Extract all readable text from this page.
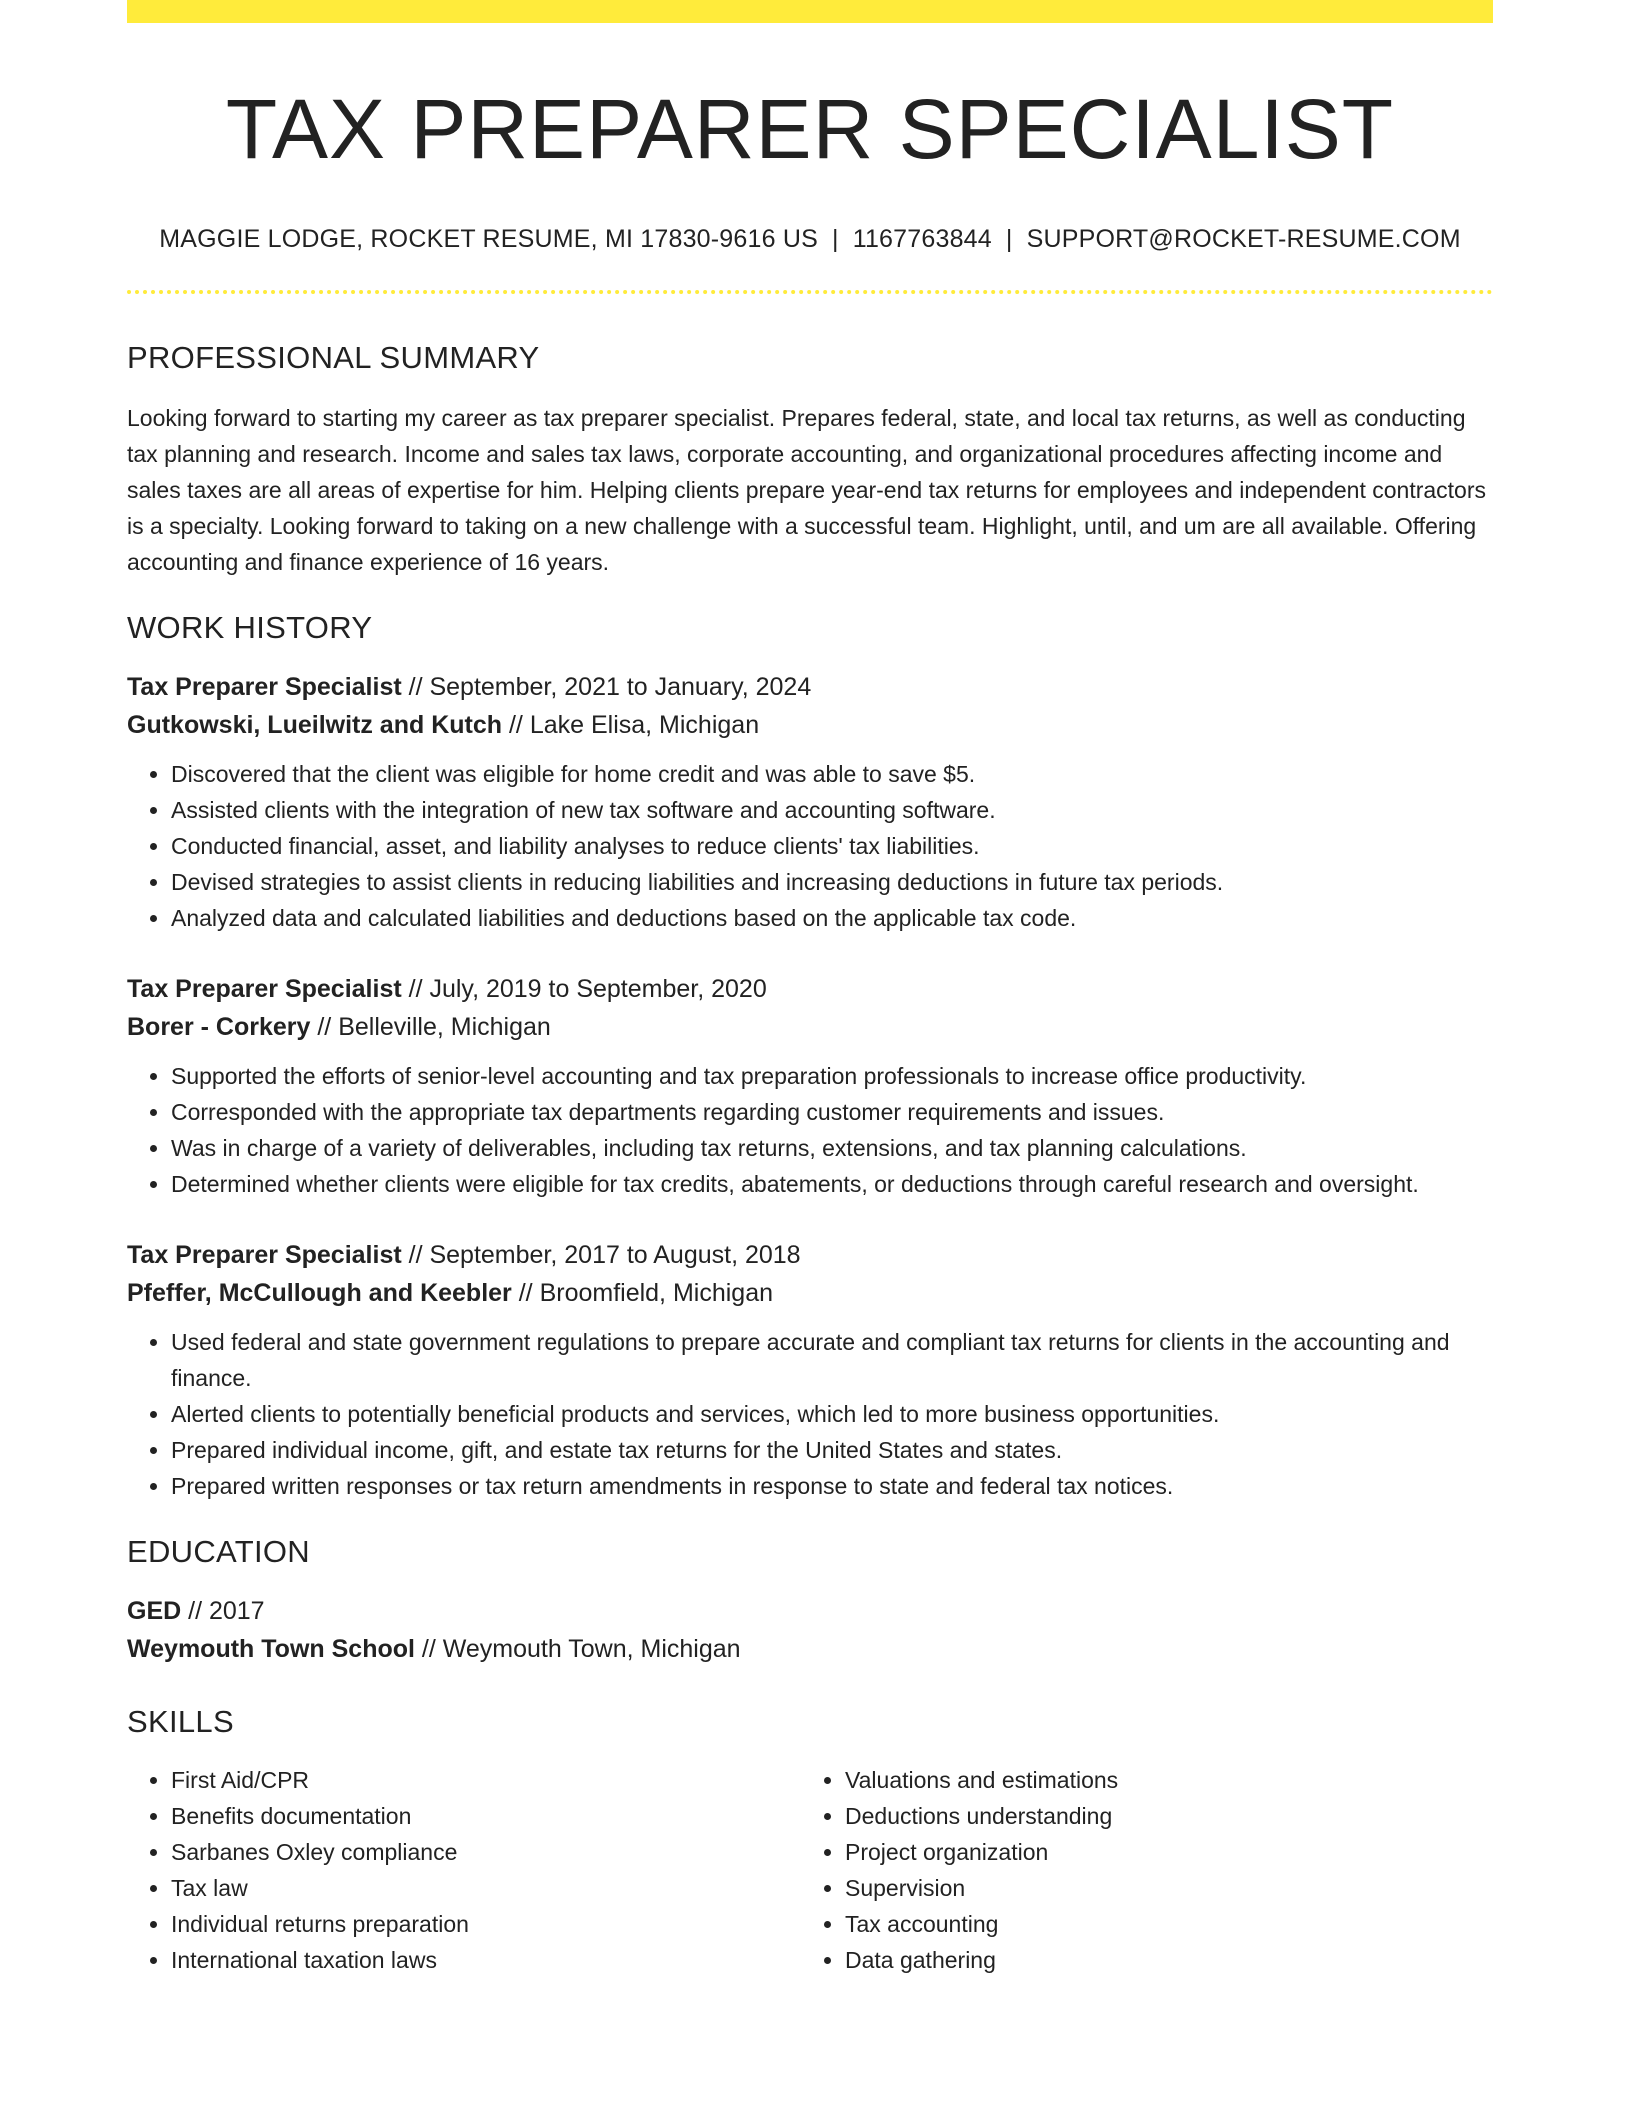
TAX PREPARER SPECIALIST
MAGGIE LODGE, ROCKET RESUME, MI 17830-9616 US | 1167763844 | SUPPORT@ROCKET-RESUME.COM
PROFESSIONAL SUMMARY

Looking forward to starting my career as tax preparer specialist. Prepares federal, state, and local tax returns, as well as conducting tax planning and research. Income and sales tax laws, corporate accounting, and organizational procedures affecting income and sales taxes are all areas of expertise for him. Helping clients prepare year-end tax returns for employees and independent contractors is a specialty. Looking forward to taking on a new challenge with a successful team. Highlight, until, and um are all available. Offering accounting and finance experience of 16 years.

WORK HISTORY
Tax Preparer Specialist // September, 2021 to January, 2024
Gutkowski, Lueilwitz and Kutch // Lake Elisa, Michigan
• Discovered that the client was eligible for home credit and was able to save $5.
• Assisted clients with the integration of new tax software and accounting software.
• Conducted financial, asset, and liability analyses to reduce clients' tax liabilities.
• Devised strategies to assist clients in reducing liabilities and increasing deductions in future tax periods.
• Analyzed data and calculated liabilities and deductions based on the applicable tax code.
Tax Preparer Specialist // July, 2019 to September, 2020
Borer - Corkery // Belleville, Michigan
• Supported the efforts of senior-level accounting and tax preparation professionals to increase office productivity.
• Corresponded with the appropriate tax departments regarding customer requirements and issues.
• Was in charge of a variety of deliverables, including tax returns, extensions, and tax planning calculations.
• Determined whether clients were eligible for tax credits, abatements, or deductions through careful research and oversight.
Tax Preparer Specialist // September, 2017 to August, 2018
Pfeffer, McCullough and Keebler // Broomfield, Michigan
• Used federal and state government regulations to prepare accurate and compliant tax returns for clients in the accounting and finance.
• Alerted clients to potentially beneficial products and services, which led to more business opportunities.
• Prepared individual income, gift, and estate tax returns for the United States and states.
• Prepared written responses or tax return amendments in response to state and federal tax notices.
EDUCATION
GED // 2017
Weymouth Town School // Weymouth Town, Michigan
SKILLS
• First Aid/CPR
• Benefits documentation
• Sarbanes Oxley compliance
• Tax law
• Individual returns preparation
• International taxation laws
• Valuations and estimations
• Deductions understanding
• Project organization
• Supervision
• Tax accounting
• Data gathering
